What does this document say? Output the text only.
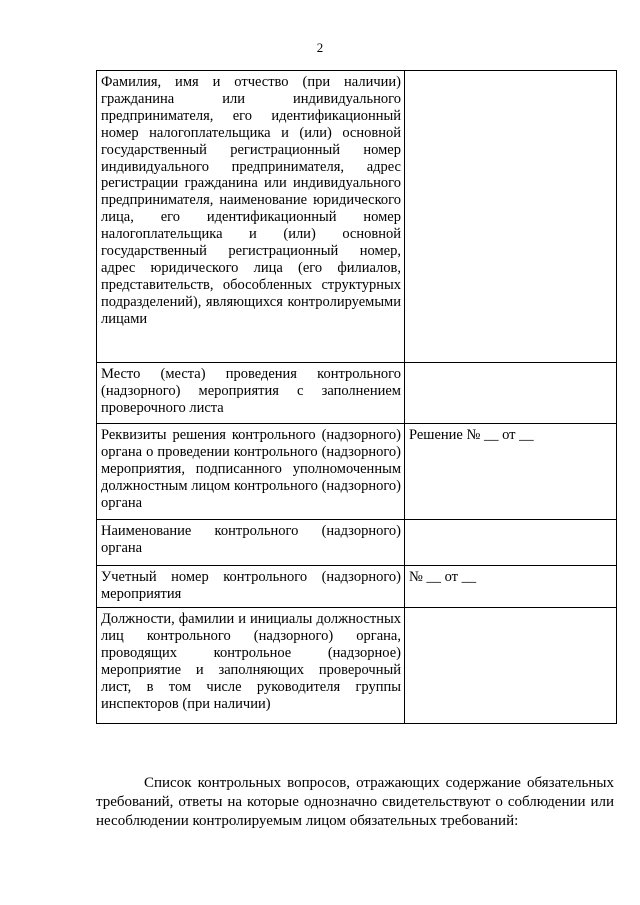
2
Фамилия, имя и отчество (при наличии) гражданина или индивидуального предпринимателя, его идентификационный номер налогоплательщика и (или) основной государственный регистрационный номер индивидуального предпринимателя, адрес регистрации гражданина или индивидуального предпринимателя, наименование юридического лица, его идентификационный номер налогоплательщика и (или) основной государственный регистрационный номер, адрес юридического лица (его филиалов, представительств, обособленных структурных подразделений), являющихся контролируемыми лицами	
Место (места) проведения контрольного (надзорного) мероприятия с заполнением проверочного листа	
Реквизиты решения контрольного (надзорного) органа о проведении контрольного (надзорного) мероприятия, подписанного уполномоченным должностным лицом контрольного (надзорного) органа	Решение № __ от __
Наименование контрольного (надзорного) органа	
Учетный номер контрольного (надзорного) мероприятия	№ __ от __
Должности, фамилии и инициалы должностных лиц контрольного (надзорного) органа, проводящих контрольное (надзорное) мероприятие и заполняющих проверочный лист, в том числе руководителя группы инспекторов (при наличии)	

Список контрольных вопросов, отражающих содержание обязательных требований, ответы на которые однозначно свидетельствуют о соблюдении или несоблюдении контролируемым лицом обязательных требований:
